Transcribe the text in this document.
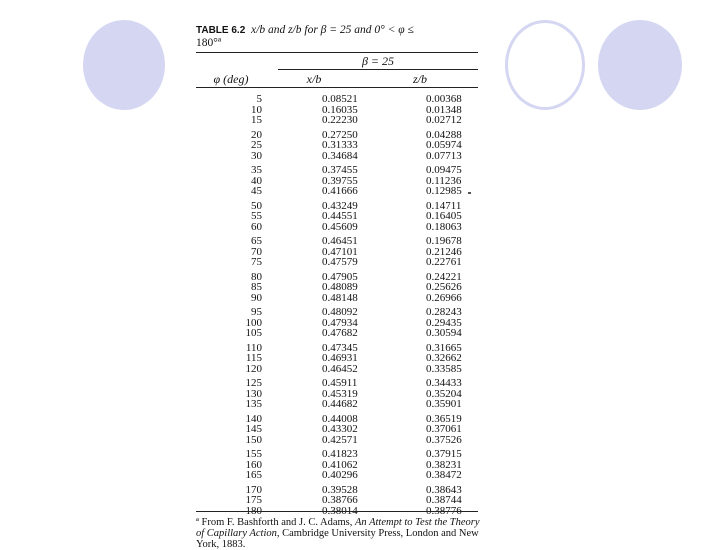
TABLE 6.2 x/b and z/b for β = 25 and 0° < φ ≤
180°ª
β = 25
φ (deg)	x/b	z/b
5	0.08521	0.00368
10	0.16035	0.01348
15	0.22230	0.02712
20	0.27250	0.04288
25	0.31333	0.05974
30	0.34684	0.07713
35	0.37455	0.09475
40	0.39755	0.11236
45	0.41666	0.12985
50	0.43249	0.14711
55	0.44551	0.16405
60	0.45609	0.18063
65	0.46451	0.19678
70	0.47101	0.21246
75	0.47579	0.22761
80	0.47905	0.24221
85	0.48089	0.25626
90	0.48148	0.26966
95	0.48092	0.28243
100	0.47934	0.29435
105	0.47682	0.30594
110	0.47345	0.31665
115	0.46931	0.32662
120	0.46452	0.33585
125	0.45911	0.34433
130	0.45319	0.35204
135	0.44682	0.35901
140	0.44008	0.36519
145	0.43302	0.37061
150	0.42571	0.37526
155	0.41823	0.37915
160	0.41062	0.38231
165	0.40296	0.38472
170	0.39528	0.38643
175	0.38766	0.38744
180	0.38014	0.38776
ª From F. Bashforth and J. C. Adams, An Attempt to Test the Theory of Capillary Action, Cambridge University Press, London and New York, 1883.
